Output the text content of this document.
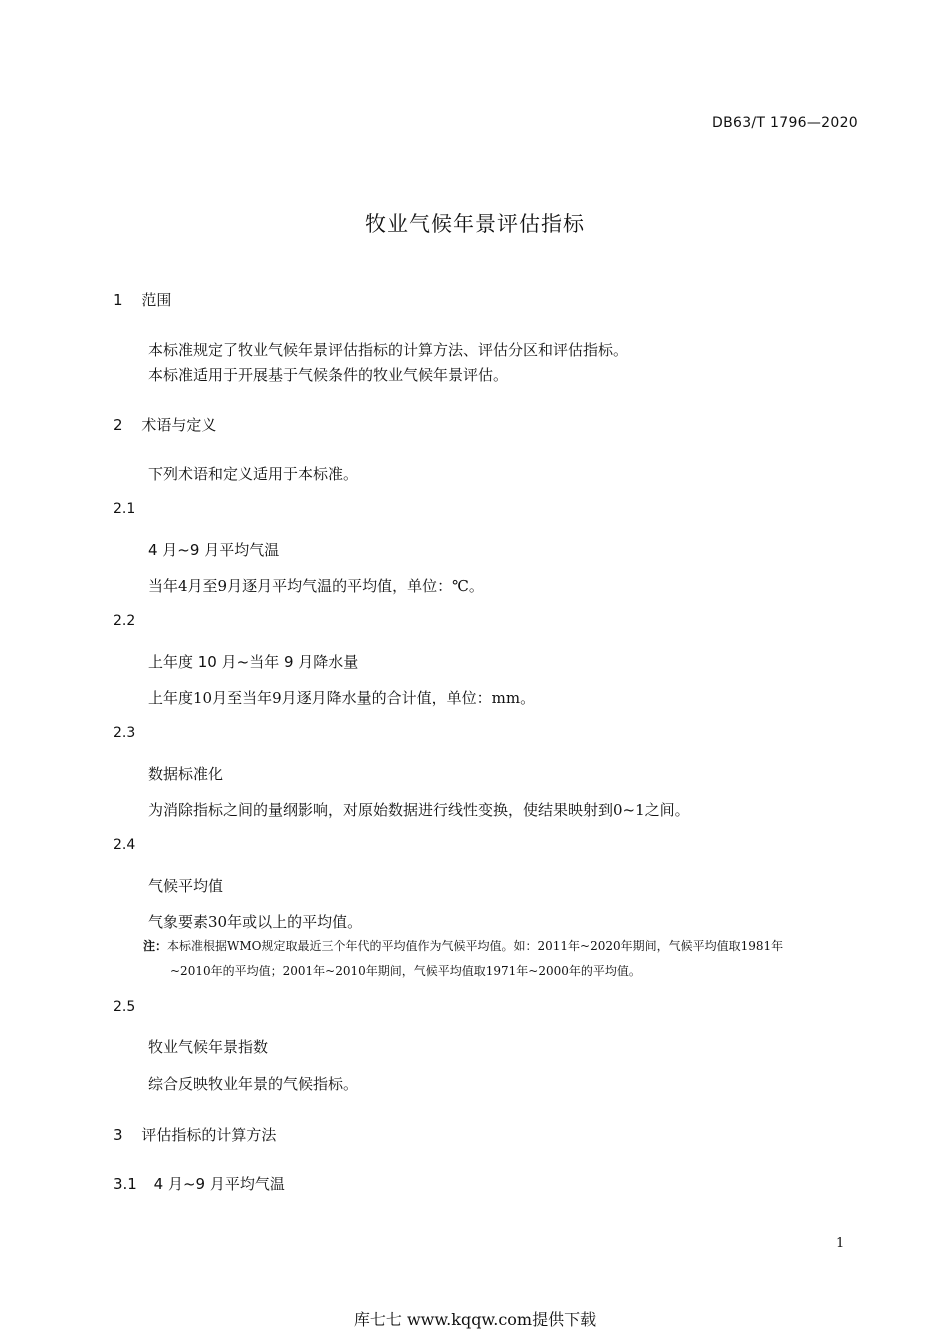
DB63/T 1796—2020
牧业气候年景评估指标
1 范围
本标准规定了牧业气候年景评估指标的计算方法、评估分区和评估指标。
本标准适用于开展基于气候条件的牧业气候年景评估。
2 术语与定义
下列术语和定义适用于本标准。
2.1
4 月~9 月平均气温
当年4月至9月逐月平均气温的平均值，单位：℃。
2.2
上年度 10 月~当年 9 月降水量
上年度10月至当年9月逐月降水量的合计值，单位：mm。
2.3
数据标准化
为消除指标之间的量纲影响，对原始数据进行线性变换，使结果映射到0~1之间。
2.4
气候平均值
气象要素30年或以上的平均值。
注：本标准根据WMO规定取最近三个年代的平均值作为气候平均值。如：2011年~2020年期间，气候平均值取1981年
~2010年的平均值；2001年~2010年期间，气候平均值取1971年~2000年的平均值。
2.5
牧业气候年景指数
综合反映牧业年景的气候指标。
3 评估指标的计算方法
3.1 4 月~9 月平均气温
1
库七七 www.kqqw.com提供下载
